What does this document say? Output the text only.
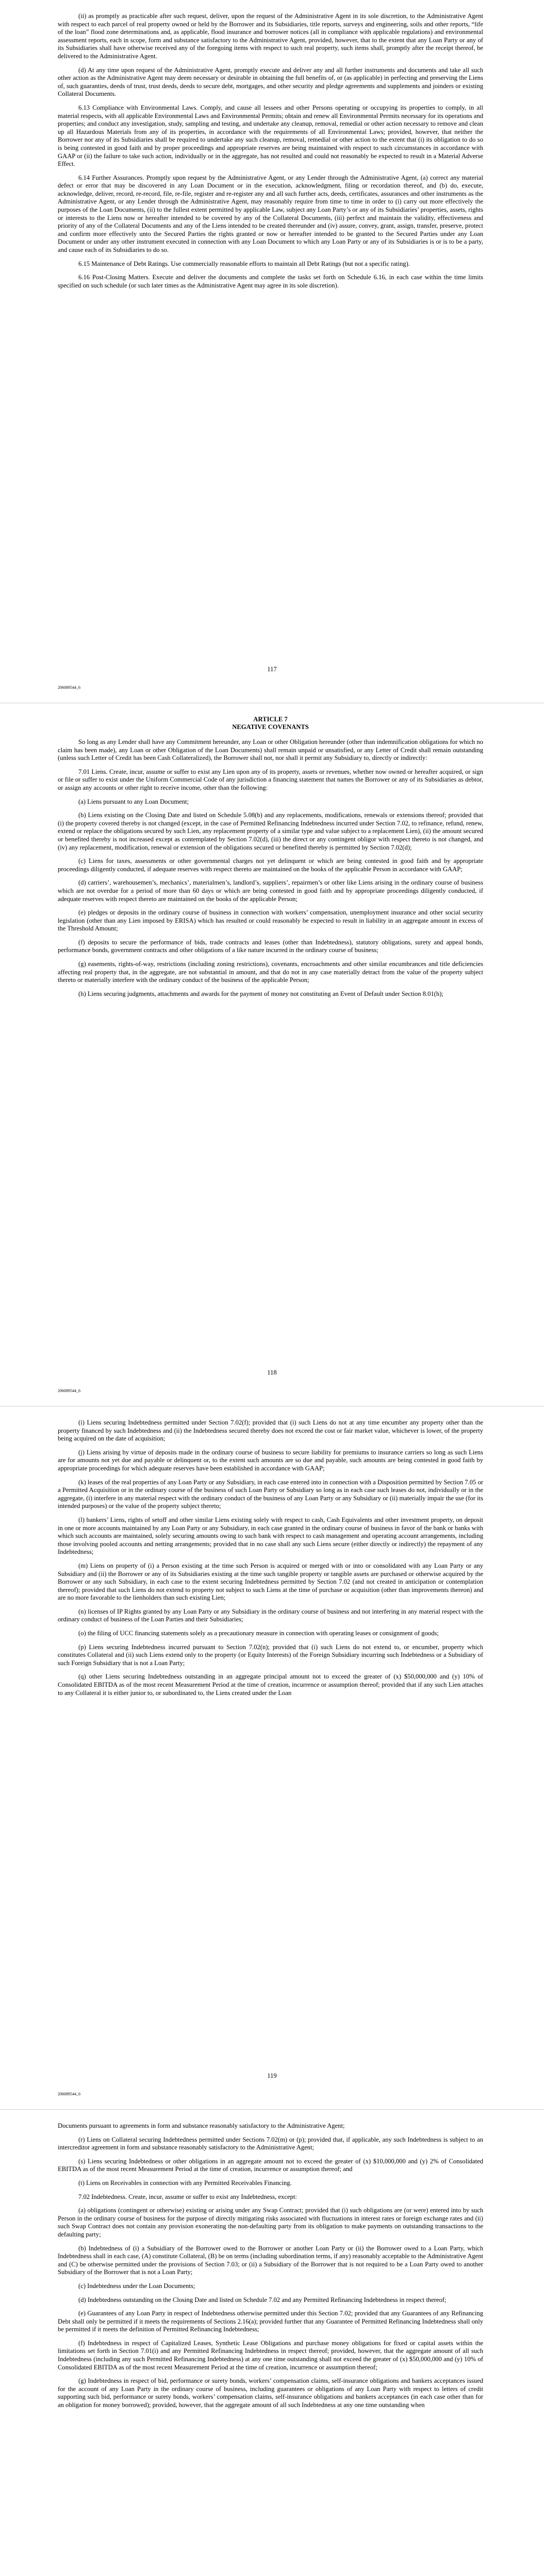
(ii) as promptly as practicable after such request, deliver, upon the request of the Administrative Agent in its sole discretion, to the Administrative Agent with respect to each parcel of real property owned or held by the Borrower and its Subsidiaries, title reports, surveys and engineering, soils and other reports, “life of the loan” flood zone determinations and, as applicable, flood insurance and borrower notices (all in compliance with applicable regulations) and environmental assessment reports, each in scope, form and substance satisfactory to the Administrative Agent, provided, however, that to the extent that any Loan Party or any of its Subsidiaries shall have otherwise received any of the foregoing items with respect to such real property, such items shall, promptly after the receipt thereof, be delivered to the Administrative Agent.

(d) At any time upon request of the Administrative Agent, promptly execute and deliver any and all further instruments and documents and take all such other action as the Administrative Agent may deem necessary or desirable in obtaining the full benefits of, or (as applicable) in perfecting and preserving the Liens of, such guaranties, deeds of trust, trust deeds, deeds to secure debt, mortgages, and other security and pledge agreements and supplements and joinders or existing Collateral Documents.

6.13 Compliance with Environmental Laws. Comply, and cause all lessees and other Persons operating or occupying its properties to comply, in all material respects, with all applicable Environmental Laws and Environmental Permits; obtain and renew all Environmental Permits necessary for its operations and properties; and conduct any investigation, study, sampling and testing, and undertake any cleanup, removal, remedial or other action necessary to remove and clean up all Hazardous Materials from any of its properties, in accordance with the requirements of all Environmental Laws; provided, however, that neither the Borrower nor any of its Subsidiaries shall be required to undertake any such cleanup, removal, remedial or other action to the extent that (i) its obligation to do so is being contested in good faith and by proper proceedings and appropriate reserves are being maintained with respect to such circumstances in accordance with GAAP or (ii) the failure to take such action, individually or in the aggregate, has not resulted and could not reasonably be expected to result in a Material Adverse Effect.

6.14 Further Assurances. Promptly upon request by the Administrative Agent, or any Lender through the Administrative Agent, (a) correct any material defect or error that may be discovered in any Loan Document or in the execution, acknowledgment, filing or recordation thereof, and (b) do, execute, acknowledge, deliver, record, re-record, file, re-file, register and re-register any and all such further acts, deeds, certificates, assurances and other instruments as the Administrative Agent, or any Lender through the Administrative Agent, may reasonably require from time to time in order to (i) carry out more effectively the purposes of the Loan Documents, (ii) to the fullest extent permitted by applicable Law, subject any Loan Party’s or any of its Subsidiaries’ properties, assets, rights or interests to the Liens now or hereafter intended to be covered by any of the Collateral Documents, (iii) perfect and maintain the validity, effectiveness and priority of any of the Collateral Documents and any of the Liens intended to be created thereunder and (iv) assure, convey, grant, assign, transfer, preserve, protect and confirm more effectively unto the Secured Parties the rights granted or now or hereafter intended to be granted to the Secured Parties under any Loan Document or under any other instrument executed in connection with any Loan Document to which any Loan Party or any of its Subsidiaries is or is to be a party, and cause each of its Subsidiaries to do so.

6.15 Maintenance of Debt Ratings. Use commercially reasonable efforts to maintain all Debt Ratings (but not a specific rating).

6.16 Post-Closing Matters. Execute and deliver the documents and complete the tasks set forth on Schedule 6.16, in each case within the time limits specified on such schedule (or such later times as the Administrative Agent may agree in its sole discretion).

117
206089544_6

ARTICLE 7

NEGATIVE COVENANTS

So long as any Lender shall have any Commitment hereunder, any Loan or other Obligation hereunder (other than indemnification obligations for which no claim has been made), any Loan or other Obligation of the Loan Documents) shall remain unpaid or unsatisfied, or any Letter of Credit shall remain outstanding (unless such Letter of Credit has been Cash Collateralized), the Borrower shall not, nor shall it permit any Subsidiary to, directly or indirectly:

7.01 Liens. Create, incur, assume or suffer to exist any Lien upon any of its property, assets or revenues, whether now owned or hereafter acquired, or sign or file or suffer to exist under the Uniform Commercial Code of any jurisdiction a financing statement that names the Borrower or any of its Subsidiaries as debtor, or assign any accounts or other right to receive income, other than the following:

(a) Liens pursuant to any Loan Document;

(b) Liens existing on the Closing Date and listed on Schedule 5.08(b) and any replacements, modifications, renewals or extensions thereof; provided that (i) the property covered thereby is not changed (except, in the case of Permitted Refinancing Indebtedness incurred under Section 7.02, to refinance, refund, renew, extend or replace the obligations secured by such Lien, any replacement property of a similar type and value subject to a replacement Lien), (ii) the amount secured or benefited thereby is not increased except as contemplated by Section 7.02(d), (iii) the direct or any contingent obligor with respect thereto is not changed, and (iv) any replacement, modification, renewal or extension of the obligations secured or benefited thereby is permitted by Section 7.02(d);

(c) Liens for taxes, assessments or other governmental charges not yet delinquent or which are being contested in good faith and by appropriate proceedings diligently conducted, if adequate reserves with respect thereto are maintained on the books of the applicable Person in accordance with GAAP;

(d) carriers’, warehousemen’s, mechanics’, materialmen’s, landlord’s, suppliers’, repairmen’s or other like Liens arising in the ordinary course of business which are not overdue for a period of more than 60 days or which are being contested in good faith and by appropriate proceedings diligently conducted, if adequate reserves with respect thereto are maintained on the books of the applicable Person;

(e) pledges or deposits in the ordinary course of business in connection with workers’ compensation, unemployment insurance and other social security legislation (other than any Lien imposed by ERISA) which has resulted or could reasonably be expected to result in liability in an aggregate amount in excess of the Threshold Amount;

(f) deposits to secure the performance of bids, trade contracts and leases (other than Indebtedness), statutory obligations, surety and appeal bonds, performance bonds, government contracts and other obligations of a like nature incurred in the ordinary course of business;

(g) easements, rights-of-way, restrictions (including zoning restrictions), covenants, encroachments and other similar encumbrances and title deficiencies affecting real property that, in the aggregate, are not substantial in amount, and that do not in any case materially detract from the value of the property subject thereto or materially interfere with the ordinary conduct of the business of the applicable Person;

(h) Liens securing judgments, attachments and awards for the payment of money not constituting an Event of Default under Section 8.01(h);

118
206089544_6

(i) Liens securing Indebtedness permitted under Section 7.02(f); provided that (i) such Liens do not at any time encumber any property other than the property financed by such Indebtedness and (ii) the Indebtedness secured thereby does not exceed the cost or fair market value, whichever is lower, of the property being acquired on the date of acquisition;

(j) Liens arising by virtue of deposits made in the ordinary course of business to secure liability for premiums to insurance carriers so long as such Liens are for amounts not yet due and payable or delinquent or, to the extent such amounts are so due and payable, such amounts are being contested in good faith by appropriate proceedings for which adequate reserves have been established in accordance with GAAP;

(k) leases of the real properties of any Loan Party or any Subsidiary, in each case entered into in connection with a Disposition permitted by Section 7.05 or a Permitted Acquisition or in the ordinary course of the business of such Loan Party or Subsidiary so long as in each case such leases do not, individually or in the aggregate, (i) interfere in any material respect with the ordinary conduct of the business of any Loan Party or any Subsidiary or (ii) materially impair the use (for its intended purposes) or the value of the property subject thereto;

(l) bankers’ Liens, rights of setoff and other similar Liens existing solely with respect to cash, Cash Equivalents and other investment property, on deposit in one or more accounts maintained by any Loan Party or any Subsidiary, in each case granted in the ordinary course of business in favor of the bank or banks with which such accounts are maintained, solely securing amounts owing to such bank with respect to cash management and operating account arrangements, including those involving pooled accounts and netting arrangements; provided that in no case shall any such Liens secure (either directly or indirectly) the repayment of any Indebtedness;

(m) Liens on property of (i) a Person existing at the time such Person is acquired or merged with or into or consolidated with any Loan Party or any Subsidiary and (ii) the Borrower or any of its Subsidiaries existing at the time such tangible property or tangible assets are purchased or otherwise acquired by the Borrower or any such Subsidiary, in each case to the extent securing Indebtedness permitted by Section 7.02 (and not created in anticipation or contemplation thereof); provided that such Liens do not extend to property not subject to such Liens at the time of purchase or acquisition (other than improvements thereon) and are no more favorable to the lienholders than such existing Lien;

(n) licenses of IP Rights granted by any Loan Party or any Subsidiary in the ordinary course of business and not interfering in any material respect with the ordinary conduct of business of the Loan Parties and their Subsidiaries;

(o) the filing of UCC financing statements solely as a precautionary measure in connection with operating leases or consignment of goods;

(p) Liens securing Indebtedness incurred pursuant to Section 7.02(n); provided that (i) such Liens do not extend to, or encumber, property which constitutes Collateral and (ii) such Liens extend only to the property (or Equity Interests) of the Foreign Subsidiary incurring such Indebtedness or a Subsidiary of such Foreign Subsidiary that is not a Loan Party;

(q) other Liens securing Indebtedness outstanding in an aggregate principal amount not to exceed the greater of (x) $50,000,000 and (y) 10% of Consolidated EBITDA as of the most recent Measurement Period at the time of creation, incurrence or assumption thereof; provided that if any such Lien attaches to any Collateral it is either junior to, or subordinated to, the Liens created under the Loan

119
206089544_6

Documents pursuant to agreements in form and substance reasonably satisfactory to the Administrative Agent;

(r) Liens on Collateral securing Indebtedness permitted under Sections 7.02(m) or (p); provided that, if applicable, any such Indebtedness is subject to an intercreditor agreement in form and substance reasonably satisfactory to the Administrative Agent;

(s) Liens securing Indebtedness or other obligations in an aggregate amount not to exceed the greater of (x) $10,000,000 and (y) 2% of Consolidated EBITDA as of the most recent Measurement Period at the time of creation, incurrence or assumption thereof; and

(t) Liens on Receivables in connection with any Permitted Receivables Financing.

7.02 Indebtedness. Create, incur, assume or suffer to exist any Indebtedness, except:

(a) obligations (contingent or otherwise) existing or arising under any Swap Contract; provided that (i) such obligations are (or were) entered into by such Person in the ordinary course of business for the purpose of directly mitigating risks associated with fluctuations in interest rates or foreign exchange rates and (ii) such Swap Contract does not contain any provision exonerating the non-defaulting party from its obligation to make payments on outstanding transactions to the defaulting party;

(b) Indebtedness of (i) a Subsidiary of the Borrower owed to the Borrower or another Loan Party or (ii) the Borrower owed to a Loan Party, which Indebtedness shall in each case, (A) constitute Collateral, (B) be on terms (including subordination terms, if any) reasonably acceptable to the Administrative Agent and (C) be otherwise permitted under the provisions of Section 7.03; or (ii) a Subsidiary of the Borrower that is not required to be a Loan Party owed to another Subsidiary of the Borrower that is not a Loan Party;

(c) Indebtedness under the Loan Documents;

(d) Indebtedness outstanding on the Closing Date and listed on Schedule 7.02 and any Permitted Refinancing Indebtedness in respect thereof;

(e) Guarantees of any Loan Party in respect of Indebtedness otherwise permitted under this Section 7.02; provided that any Guarantees of any Refinancing Debt shall only be permitted if it meets the requirements of Sections 2.16(a); provided further that any Guarantee of Permitted Refinancing Indebtedness shall only be permitted if it meets the definition of Permitted Refinancing Indebtedness;

(f) Indebtedness in respect of Capitalized Leases, Synthetic Lease Obligations and purchase money obligations for fixed or capital assets within the limitations set forth in Section 7.01(i) and any Permitted Refinancing Indebtedness in respect thereof; provided, however, that the aggregate amount of all such Indebtedness (including any such Permitted Refinancing Indebtedness) at any one time outstanding shall not exceed the greater of (x) $50,000,000 and (y) 10% of Consolidated EBITDA as of the most recent Measurement Period at the time of creation, incurrence or assumption thereof;

(g) Indebtedness in respect of bid, performance or surety bonds, workers’ compensation claims, self-insurance obligations and bankers acceptances issued for the account of any Loan Party in the ordinary course of business, including guarantees or obligations of any Loan Party with respect to letters of credit supporting such bid, performance or surety bonds, workers’ compensation claims, self-insurance obligations and bankers acceptances (in each case other than for an obligation for money borrowed); provided, however, that the aggregate amount of all such Indebtedness at any one time outstanding when
